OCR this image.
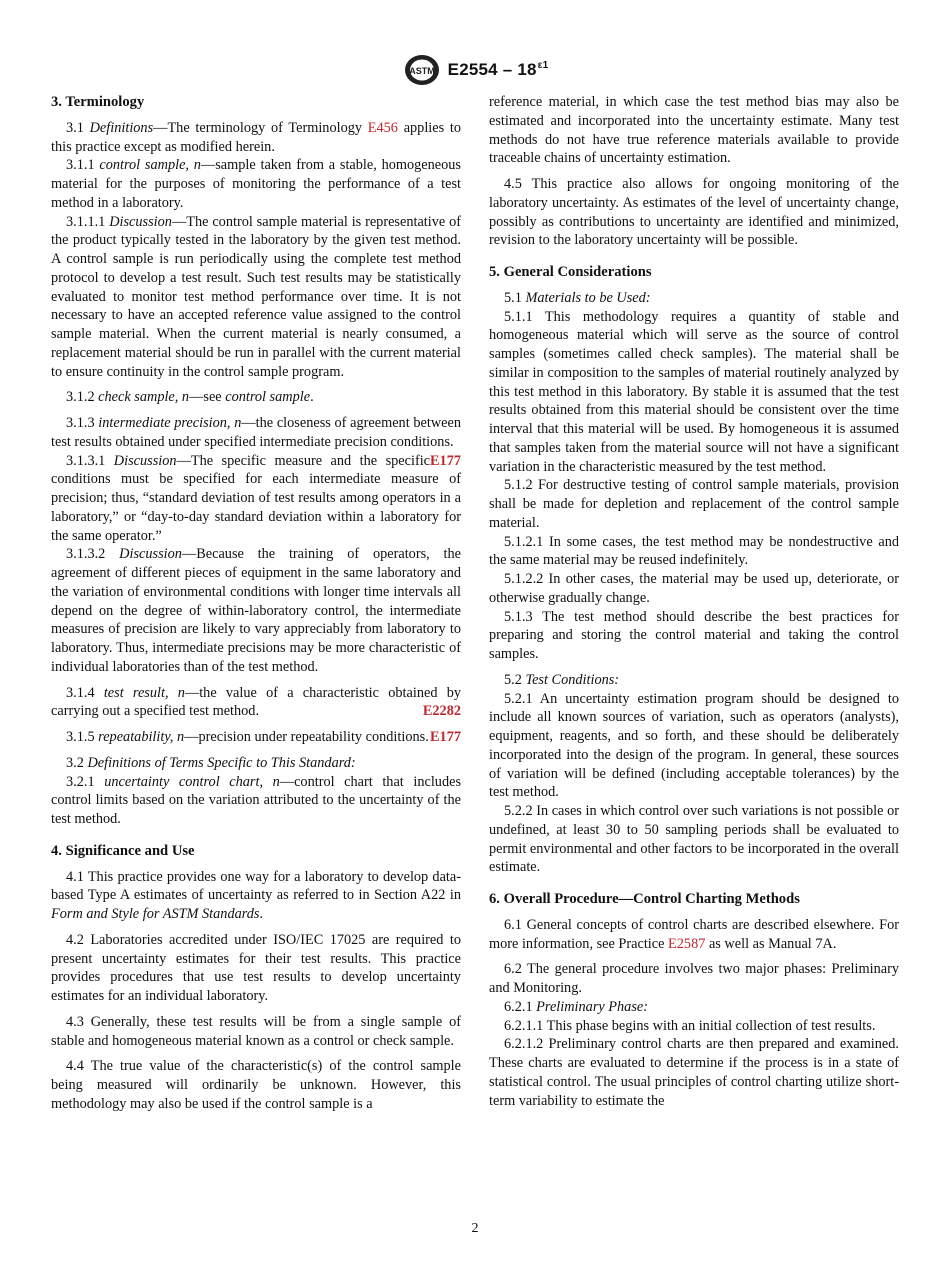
ASTM $E2554 - 18^{\varepsilon 1}$
3. Terminology

3.1 Definitions—The terminology of Terminology E456 applies to this practice except as modified herein.

3.1.1 control sample, n—sample taken from a stable, homogeneous material for the purposes of monitoring the performance of a test method in a laboratory.

3.1.1.1 Discussion—The control sample material is representative of the product typically tested in the laboratory by the given test method. A control sample is run periodically using the complete test method protocol to develop a test result. Such test results may be statistically evaluated to monitor test method performance over time. It is not necessary to have an accepted reference value assigned to the control sample material. When the current material is nearly consumed, a replacement material should be run in parallel with the current material to ensure continuity in the control sample program.

3.1.2 check sample, n—see control sample.

3.1.3 intermediate precision, n—the closeness of agreement between test results obtained under specified intermediate precision conditions.
E177

3.1.3.1 Discussion—The specific measure and the specific conditions must be specified for each intermediate measure of precision; thus, “standard deviation of test results among operators in a laboratory,” or “day-to-day standard deviation within a laboratory for the same operator.”

3.1.3.2 Discussion—Because the training of operators, the agreement of different pieces of equipment in the same laboratory and the variation of environmental conditions with longer time intervals all depend on the degree of within-laboratory control, the intermediate measures of precision are likely to vary appreciably from laboratory to laboratory. Thus, intermediate precisions may be more characteristic of individual laboratories than of the test method.

3.1.4 test result, n—the value of a characteristic obtained by carrying out a specified test method.	E2282

3.1.5 repeatability, n—precision under repeatability conditions. E177

3.2 Definitions of Terms Specific to This Standard:

3.2.1 uncertainty control chart, n—control chart that includes control limits based on the variation attributed to the uncertainty of the test method.

4. Significance and Use

4.1 This practice provides one way for a laboratory to develop data-based Type A estimates of uncertainty as referred to in Section A22 in Form and Style for ASTM Standards.

4.2 Laboratories accredited under ISO/IEC 17025 are required to present uncertainty estimates for their test results. This practice provides procedures that use test results to develop uncertainty estimates for an individual laboratory.

4.3 Generally, these test results will be from a single sample of stable and homogeneous material known as a control or check sample.

4.4 The true value of the characteristic(s) of the control sample being measured will ordinarily be unknown. However, this methodology may also be used if the control sample is a

reference material, in which case the test method bias may also be estimated and incorporated into the uncertainty estimate. Many test methods do not have true reference materials available to provide traceable chains of uncertainty estimation.

4.5 This practice also allows for ongoing monitoring of the laboratory uncertainty. As estimates of the level of uncertainty change, possibly as contributions to uncertainty are identified and minimized, revision to the laboratory uncertainty will be possible.

5. General Considerations

5.1 Materials to be Used:

5.1.1 This methodology requires a quantity of stable and homogeneous material which will serve as the source of control samples (sometimes called check samples). The material shall be similar in composition to the samples of material routinely analyzed by this test method in this laboratory. By stable it is assumed that the test results obtained from this material should be consistent over the time interval that this material will be used. By homogeneous it is assumed that samples taken from the material source will not have a significant variation in the characteristic measured by the test method.

5.1.2 For destructive testing of control sample materials, provision shall be made for depletion and replacement of the control sample material.

5.1.2.1 In some cases, the test method may be nondestructive and the same material may be reused indefinitely.

5.1.2.2 In other cases, the material may be used up, deteriorate, or otherwise gradually change.

5.1.3 The test method should describe the best practices for preparing and storing the control material and taking the control samples.

5.2 Test Conditions:

5.2.1 An uncertainty estimation program should be designed to include all known sources of variation, such as operators (analysts), equipment, reagents, and so forth, and these should be deliberately incorporated into the design of the program. In general, these sources of variation will be defined (including acceptable tolerances) by the test method.

5.2.2 In cases in which control over such variations is not possible or undefined, at least 30 to 50 sampling periods shall be evaluated to permit environmental and other factors to be incorporated in the overall estimate.

6. Overall Procedure—Control Charting Methods

6.1 General concepts of control charts are described elsewhere. For more information, see Practice E2587 as well as Manual 7A.

6.2 The general procedure involves two major phases: Preliminary and Monitoring.

6.2.1 Preliminary Phase:

6.2.1.1 This phase begins with an initial collection of test results.

6.2.1.2 Preliminary control charts are then prepared and examined. These charts are evaluated to determine if the process is in a state of statistical control. The usual principles of control charting utilize short-term variability to estimate the

2
